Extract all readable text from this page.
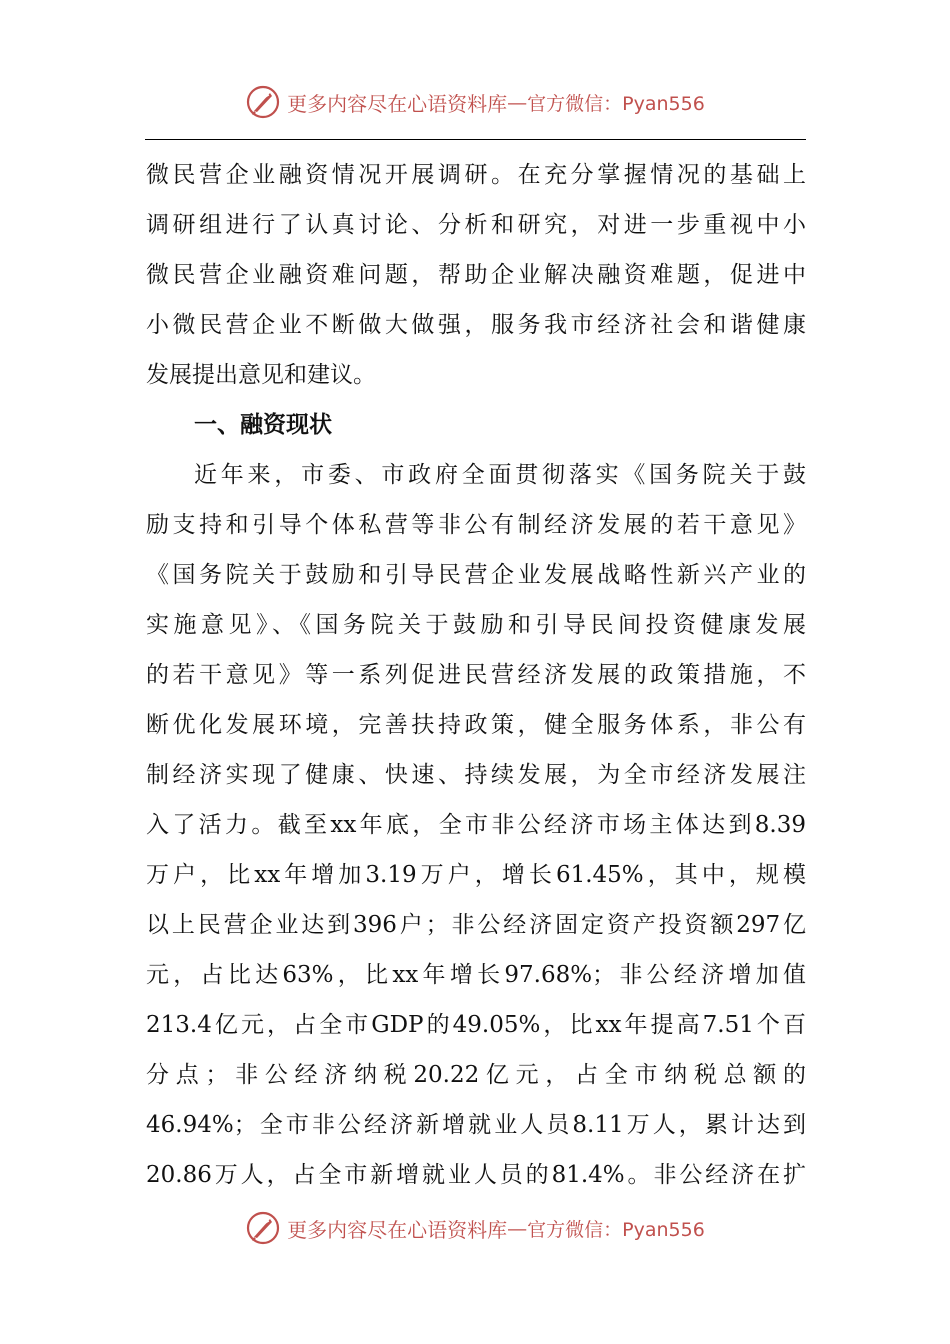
更多内容尽在心语资料库 — 官方微信：Pyan556
微民营企业融资情况开展调研。在充分掌握情况的基础上
调研组进行了认真讨论、分析和研究，对进一步重视中小
微民营企业融资难问题，帮助企业解决融资难题，促进中
小微民营企业不断做大做强，服务我市经济社会和谐健康
发展提出意见和建议。
一、融资现状
近年来，市委、市政府全面贯彻落实《国务院关于鼓
励支持和引导个体私营等非公有制经济发展的若干意见》
《国务院关于鼓励和引导民营企业发展战略性新兴产业的
实施意见》、《国务院关于鼓励和引导民间投资健康发展
的若干意见》等一系列促进民营经济发展的政策措施，不
断优化发展环境，完善扶持政策，健全服务体系，非公有
制经济实现了健康、快速、持续发展，为全市经济发展注
入了活力。截至xx年底，全市非公经济市场主体达到8.39
万户，比xx年增加3.19万户，增长61.45%，其中，规模
以上民营企业达到396户；非公经济固定资产投资额297亿
元，占比达63%，比xx年增长97.68%；非公经济增加值
213.4亿元，占全市GDP的49.05%，比xx年提高7.51个百
分点；非公经济纳税20.22亿元，占全市纳税总额的
46.94%；全市非公经济新增就业人员8.11万人，累计达到
20.86万人，占全市新增就业人员的81.4%。非公经济在扩
更多内容尽在心语资料库 — 官方微信：Pyan556
